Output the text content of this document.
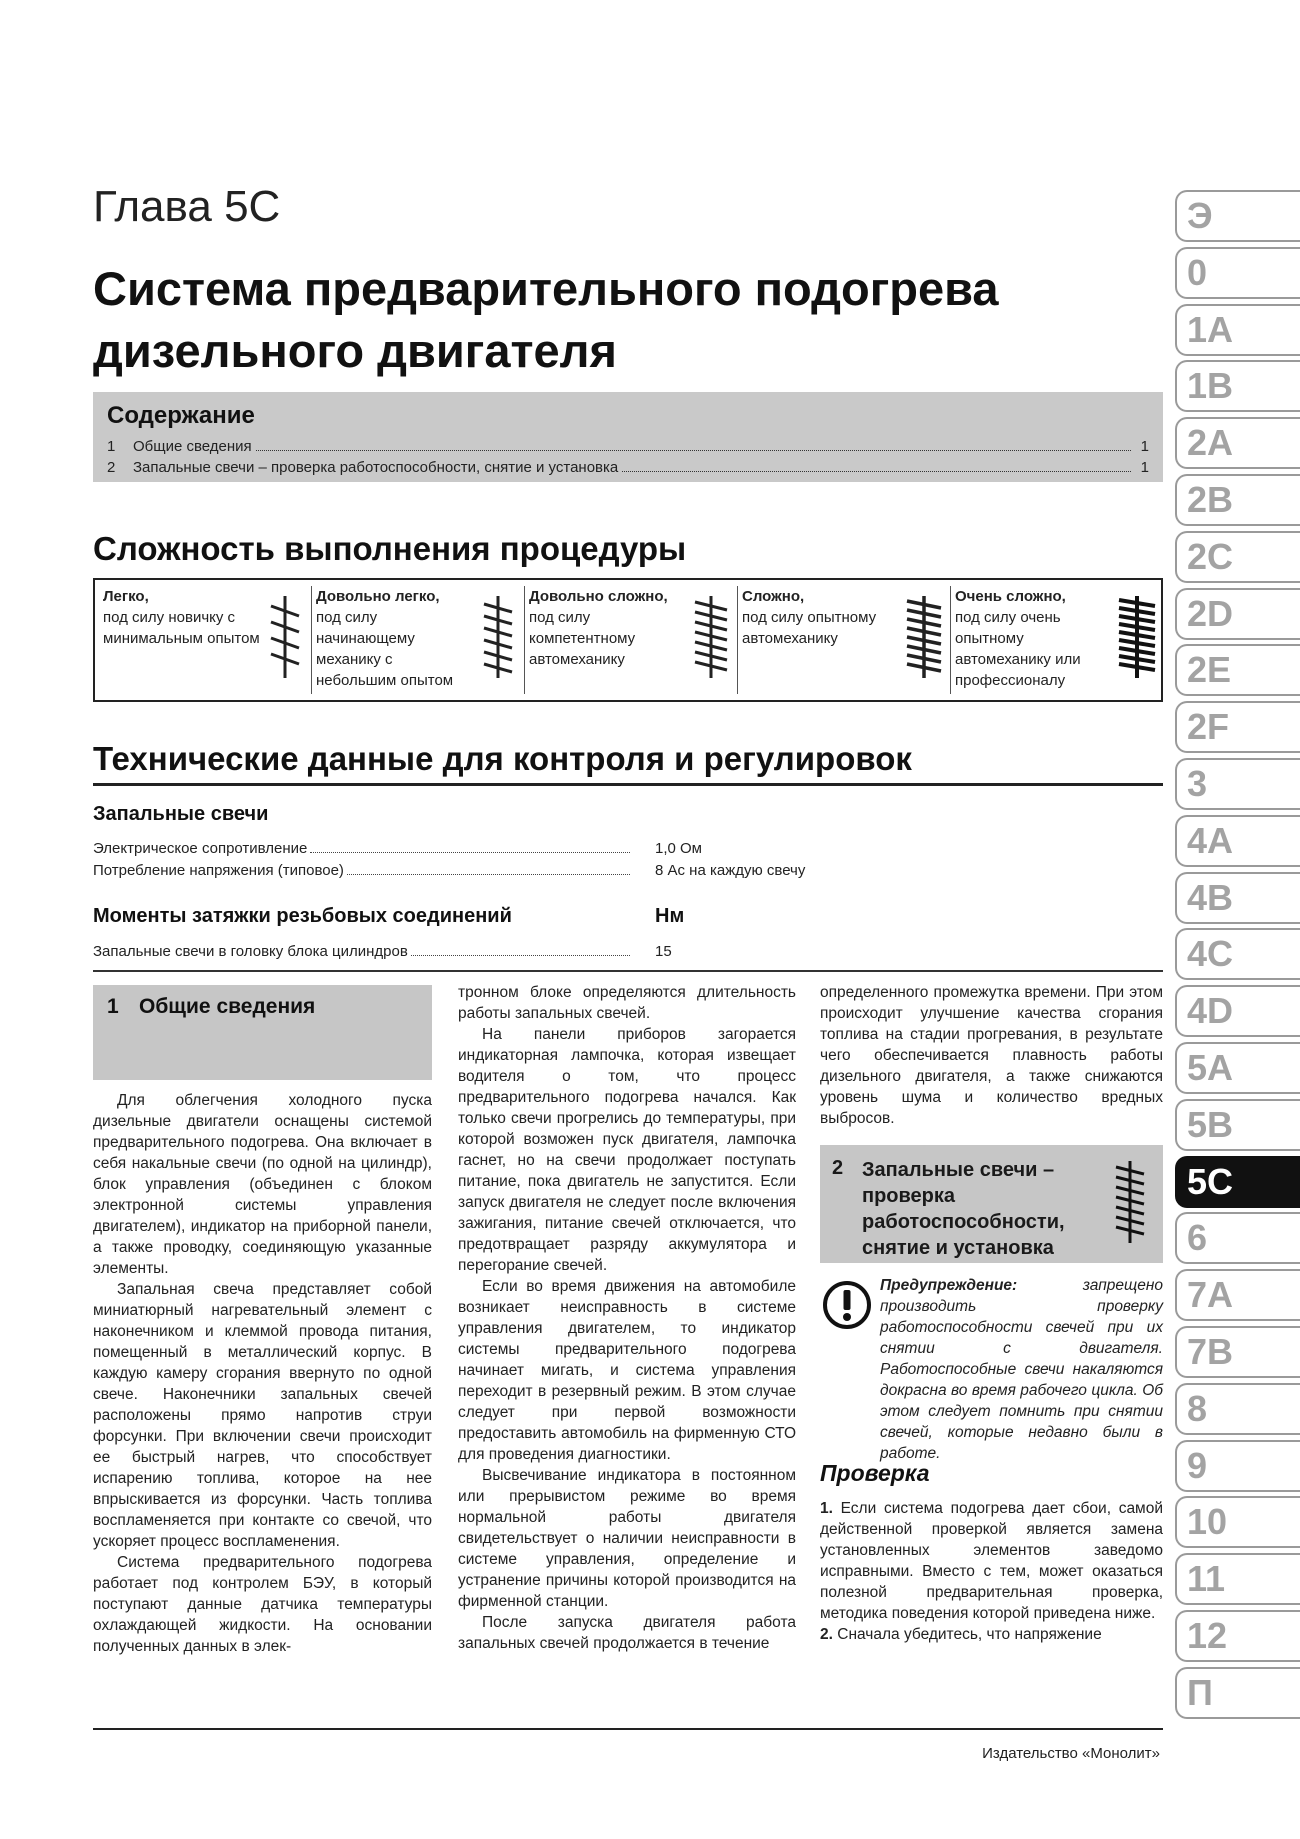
Глава 5С
Система предварительного подогрева дизельного двигателя
Содержание
1	Общие сведения	1
2	Запальные свечи – проверка работоспособности, снятие и установка	1
Сложность выполнения процедуры
Легко,
под силу новичку с минимальным опытом
Довольно легко,
под силу начинающему механику с небольшим опытом
Довольно сложно,
под силу компетентному автомеханику
Сложно,
под силу опытному автомеханику
Очень сложно,
под силу очень опытному автомеханику или профессионалу
Технические данные для контроля и регулировок
Запальные свечи
Электрическое сопротивление	1,0 Ом
Потребление напряжения (типовое)	8 Ас на каждую свечу
Моменты затяжки резьбовых соединений	Нм
Запальные свечи в головку блока цилиндров	15
1 Общие сведения

Для облегчения холодного пуска дизельные двигатели оснащены системой предварительного подогрева. Она включает в себя накальные свечи (по одной на цилиндр), блок управления (объединен с блоком электронной системы управления двигателем), индикатор на приборной панели, а также проводку, соединяющую указанные элементы.

Запальная свеча представляет собой миниатюрный нагревательный элемент с наконечником и клеммой провода питания, помещенный в металлический корпус. В каждую камеру сгорания ввернуто по одной свече. Наконечники запальных свечей расположены прямо напротив струи форсунки. При включении свечи происходит ее быстрый нагрев, что способствует испарению топлива, которое на нее впрыскивается из форсунки. Часть топлива воспламеняется при контакте со свечой, что ускоряет процесс воспламенения.

Система предварительного подогрева работает под контролем БЭУ, в который поступают данные датчика температуры охлаждающей жидкости. На основании полученных данных в элек-

тронном блоке определяются длительность работы запальных свечей.

На панели приборов загорается индикаторная лампочка, которая извещает водителя о том, что процесс предварительного подогрева начался. Как только свечи прогрелись до температуры, при которой возможен пуск двигателя, лампочка гаснет, но на свечи продолжает поступать питание, пока двигатель не запустится. Если запуск двигателя не следует после включения зажигания, питание свечей отключается, что предотвращает разряду аккумулятора и перегорание свечей.

Если во время движения на автомобиле возникает неисправность в системе управления двигателем, то индикатор системы предварительного подогрева начинает мигать, и система управления переходит в резервный режим. В этом случае следует при первой возможности предоставить автомобиль на фирменную СТО для проведения диагностики.

Высвечивание индикатора в постоянном или прерывистом режиме во время нормальной работы двигателя свидетельствует о наличии неисправности в системе управления, определение и устранение причины которой производится на фирменной станции.

После запуска двигателя работа запальных свечей продолжается в течение

определенного промежутка времени. При этом происходит улучшение качества сгорания топлива на стадии прогревания, в результате чего обеспечивается плавность работы дизельного двигателя, а также снижаются уровень шума и количество вредных выбросов.

2 Запальные свечи – проверка работоспособности, снятие и установка
Предупреждение:	запрещено производить проверку работоспособности свечей при их снятии с двигателя. Работоспособные свечи накаляются докрасна во время рабочего цикла. Об этом следует помнить при снятии свечей, которые недавно были в работе.
Проверка

1. Если система подогрева дает сбои, самой действенной проверкой является замена установленных элементов заведомо исправными. Вместо с тем, может оказаться полезной предварительная проверка, методика поведения которой приведена ниже.

2. Сначала убедитесь, что напряжение

Издательство «Монолит»
Э
0
1A
1B
2A
2B
2C
2D
2E
2F
3
4A
4B
4C
4D
5A
5B
5C
6
7A
7B
8
9
10
11
12
П
